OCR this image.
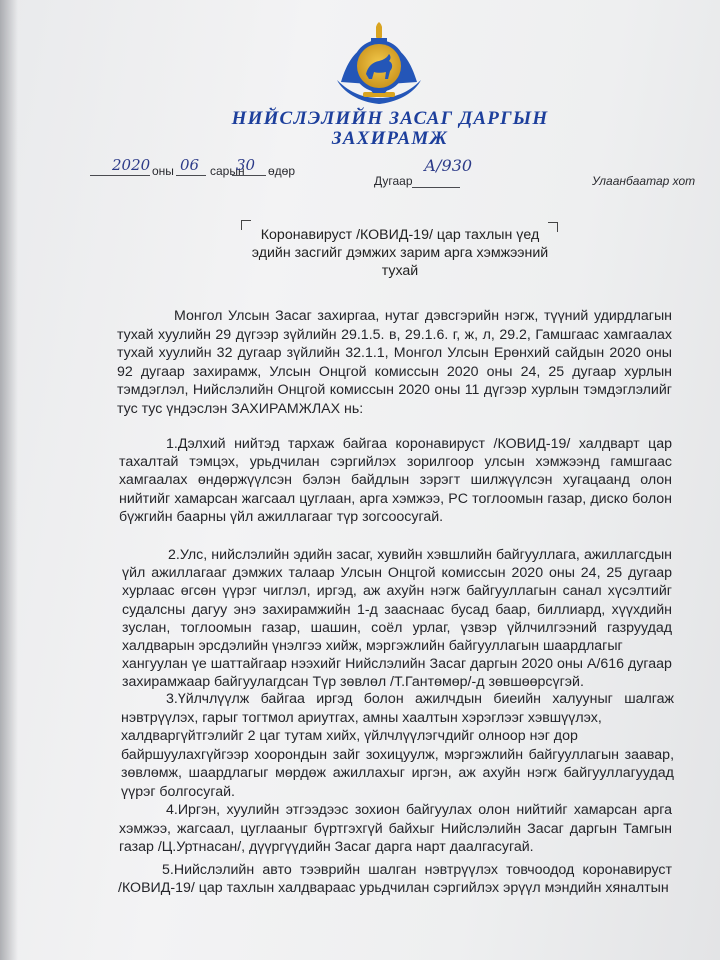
НИЙСЛЭЛИЙН ЗАСАГ ДАРГЫН
ЗАХИРАМЖ
2020 оны 06 сарын
30 өдөр
Дугаар
А/930
Улаанбаатар хот
Коронавируст /КОВИД-19/ цар тахлын үед
эдийн засгийг дэмжих зарим арга хэмжээний
тухай
Монгол Улсын Засаг захиргаа, нутаг дэвсгэрийн нэгж, түүний удирдлагын
тухай хуулийн 29 дүгээр зүйлийн 29.1.5. в, 29.1.6. г, ж, л, 29.2, Гамшгаас хамгаалах
тухай хуулийн 32 дугаар зүйлийн 32.1.1, Монгол Улсын Ерөнхий сайдын 2020 оны
92 дугаар захирамж, Улсын Онцгой комиссын 2020 оны 24, 25 дугаар хурлын
тэмдэглэл, Нийслэлийн Онцгой комиссын 2020 оны 11 дүгээр хурлын тэмдэглэлийг
тус тус үндэслэн ЗАХИРАМЖЛАХ нь:
1.Дэлхий нийтэд тархаж байгаа коронавируст /КОВИД-19/ халдварт цар
тахалтай тэмцэх, урьдчилан сэргийлэх зорилгоор улсын хэмжээнд гамшгаас
хамгаалах өндөржүүлсэн бэлэн байдлын зэрэгт шилжүүлсэн хугацаанд олон
нийтийг хамарсан жагсаал цуглаан, арга хэмжээ, PC тоглоомын газар, диско болон
бүжгийн баарны үйл ажиллагааг түр зогсоосугай.
2.Улс, нийслэлийн эдийн засаг, хувийн хэвшлийн байгууллага, ажиллагсдын
үйл ажиллагааг дэмжих талаар Улсын Онцгой комиссын 2020 оны 24, 25 дугаар
хурлаас өгсөн үүрэг чиглэл, иргэд, аж ахуйн нэгж байгууллагын санал хүсэлтийг
судалсны дагуу энэ захирамжийн 1-д зааснаас бусад баар, биллиард, хүүхдийн
зуслан, тоглоомын газар, шашин, соёл урлаг, үзвэр үйлчилгээний газруудад
халдварын эрсдэлийн үнэлгээ хийж, мэргэжлийн байгууллагын шаардлагыг
хангуулан үе шаттайгаар нээхийг Нийслэлийн Засаг даргын 2020 оны А/616 дугаар
захирамжаар байгуулагдсан Түр зөвлөл /Т.Гантөмөр/-д зөвшөөрсүгэй.
3.Үйлчлүүлж байгаа иргэд болон ажилчдын биеийн халууныг шалгаж
нэвтрүүлэх, гарыг тогтмол ариутгах, амны хаалтын хэрэглээг хэвшүүлэх,
халдваргүйтгэлийг 2 цаг тутам хийх, үйлчлүүлэгчдийг олноор нэг дор
байршуулахгүйгээр хоорондын зайг зохицуулж, мэргэжлийн байгууллагын заавар,
зөвлөмж, шаардлагыг мөрдөж ажиллахыг иргэн, аж ахуйн нэгж байгууллагуудад
үүрэг болгосугай.
4.Иргэн, хуулийн этгээдээс зохион байгуулах олон нийтийг хамарсан арга
хэмжээ, жагсаал, цуглааныг бүртгэхгүй байхыг Нийслэлийн Засаг даргын Тамгын
газар /Ц.Уртнасан/, дүүргүүдийн Засаг дарга нарт даалгасугай.
5.Нийслэлийн авто тээврийн шалган нэвтрүүлэх товчоодод коронавируст
/КОВИД-19/ цар тахлын халдвараас урьдчилан сэргийлэх эрүүл мэндийн хяналтын
